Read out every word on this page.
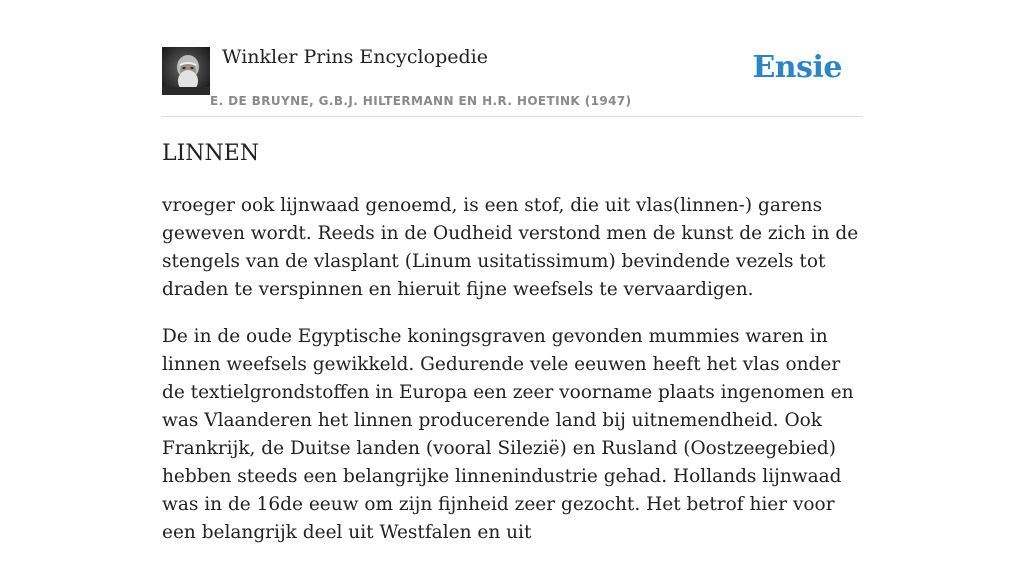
Winkler Prins Encyclopedie
E. DE BRUYNE, G.B.J. HILTERMANN EN H.R. HOETINK (1947)
Ensie
LINNEN

vroeger ook lijnwaad genoemd, is een stof, die uit vlas(linnen-) garens geweven wordt. Reeds in de Oudheid verstond men de kunst de zich in de stengels van de vlasplant (Linum usitatissimum) bevindende vezels tot draden te verspinnen en hieruit fijne weefsels te vervaardigen.

De in de oude Egyptische koningsgraven gevonden mummies waren in linnen weefsels gewikkeld. Gedurende vele eeuwen heeft het vlas onder de textielgrondstoffen in Europa een zeer voorname plaats ingenomen en was Vlaanderen het linnen producerende land bij uitnemendheid. Ook Frankrijk, de Duitse landen (vooral Silezië) en Rusland (Oostzeegebied) hebben steeds een belangrijke linnenindustrie gehad. Hollands lijnwaad was in de 16de eeuw om zijn fijnheid zeer gezocht. Het betrof hier voor een belangrijk deel uit Westfalen en uit
